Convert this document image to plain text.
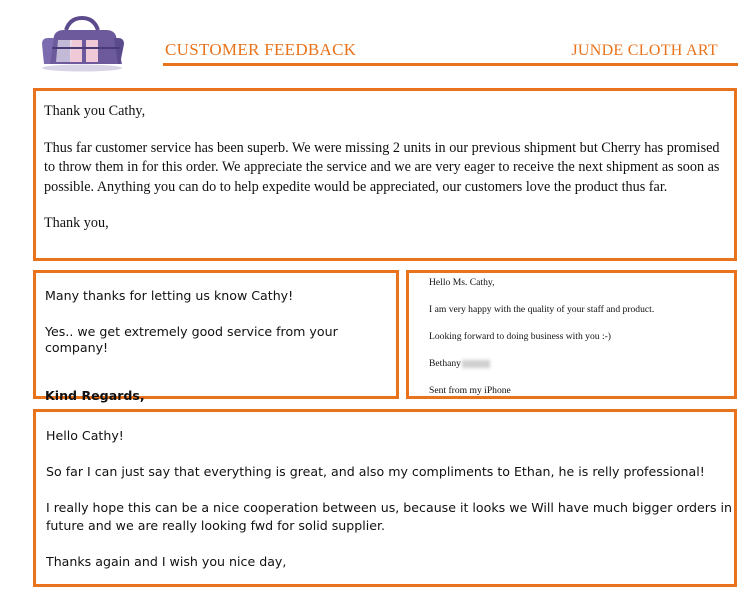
CUSTOMER FEEDBACK	JUNDE CLOTH ART

Thank you Cathy,

Thus far customer service has been superb. We were missing 2 units in our previous shipment but Cherry has promised to throw them in for this order. We appreciate the service and we are very eager to receive the next shipment as soon as possible. Anything you can do to help expedite would be appreciated, our customers love the product thus far.

Thank you,

Many thanks for letting us know Cathy!

Yes.. we get extremely good service from your company!

Kind Regards,

Hello Ms. Cathy,

I am very happy with the quality of your staff and product.

Looking forward to doing business with you :-)

Bethany

Sent from my iPhone

Hello Cathy!

So far I can just say that everything is great, and also my compliments to Ethan, he is relly professional!

I really hope this can be a nice cooperation between us, because it looks we Will have much bigger orders in future and we are really looking fwd for solid supplier.

Thanks again and I wish you nice day,
